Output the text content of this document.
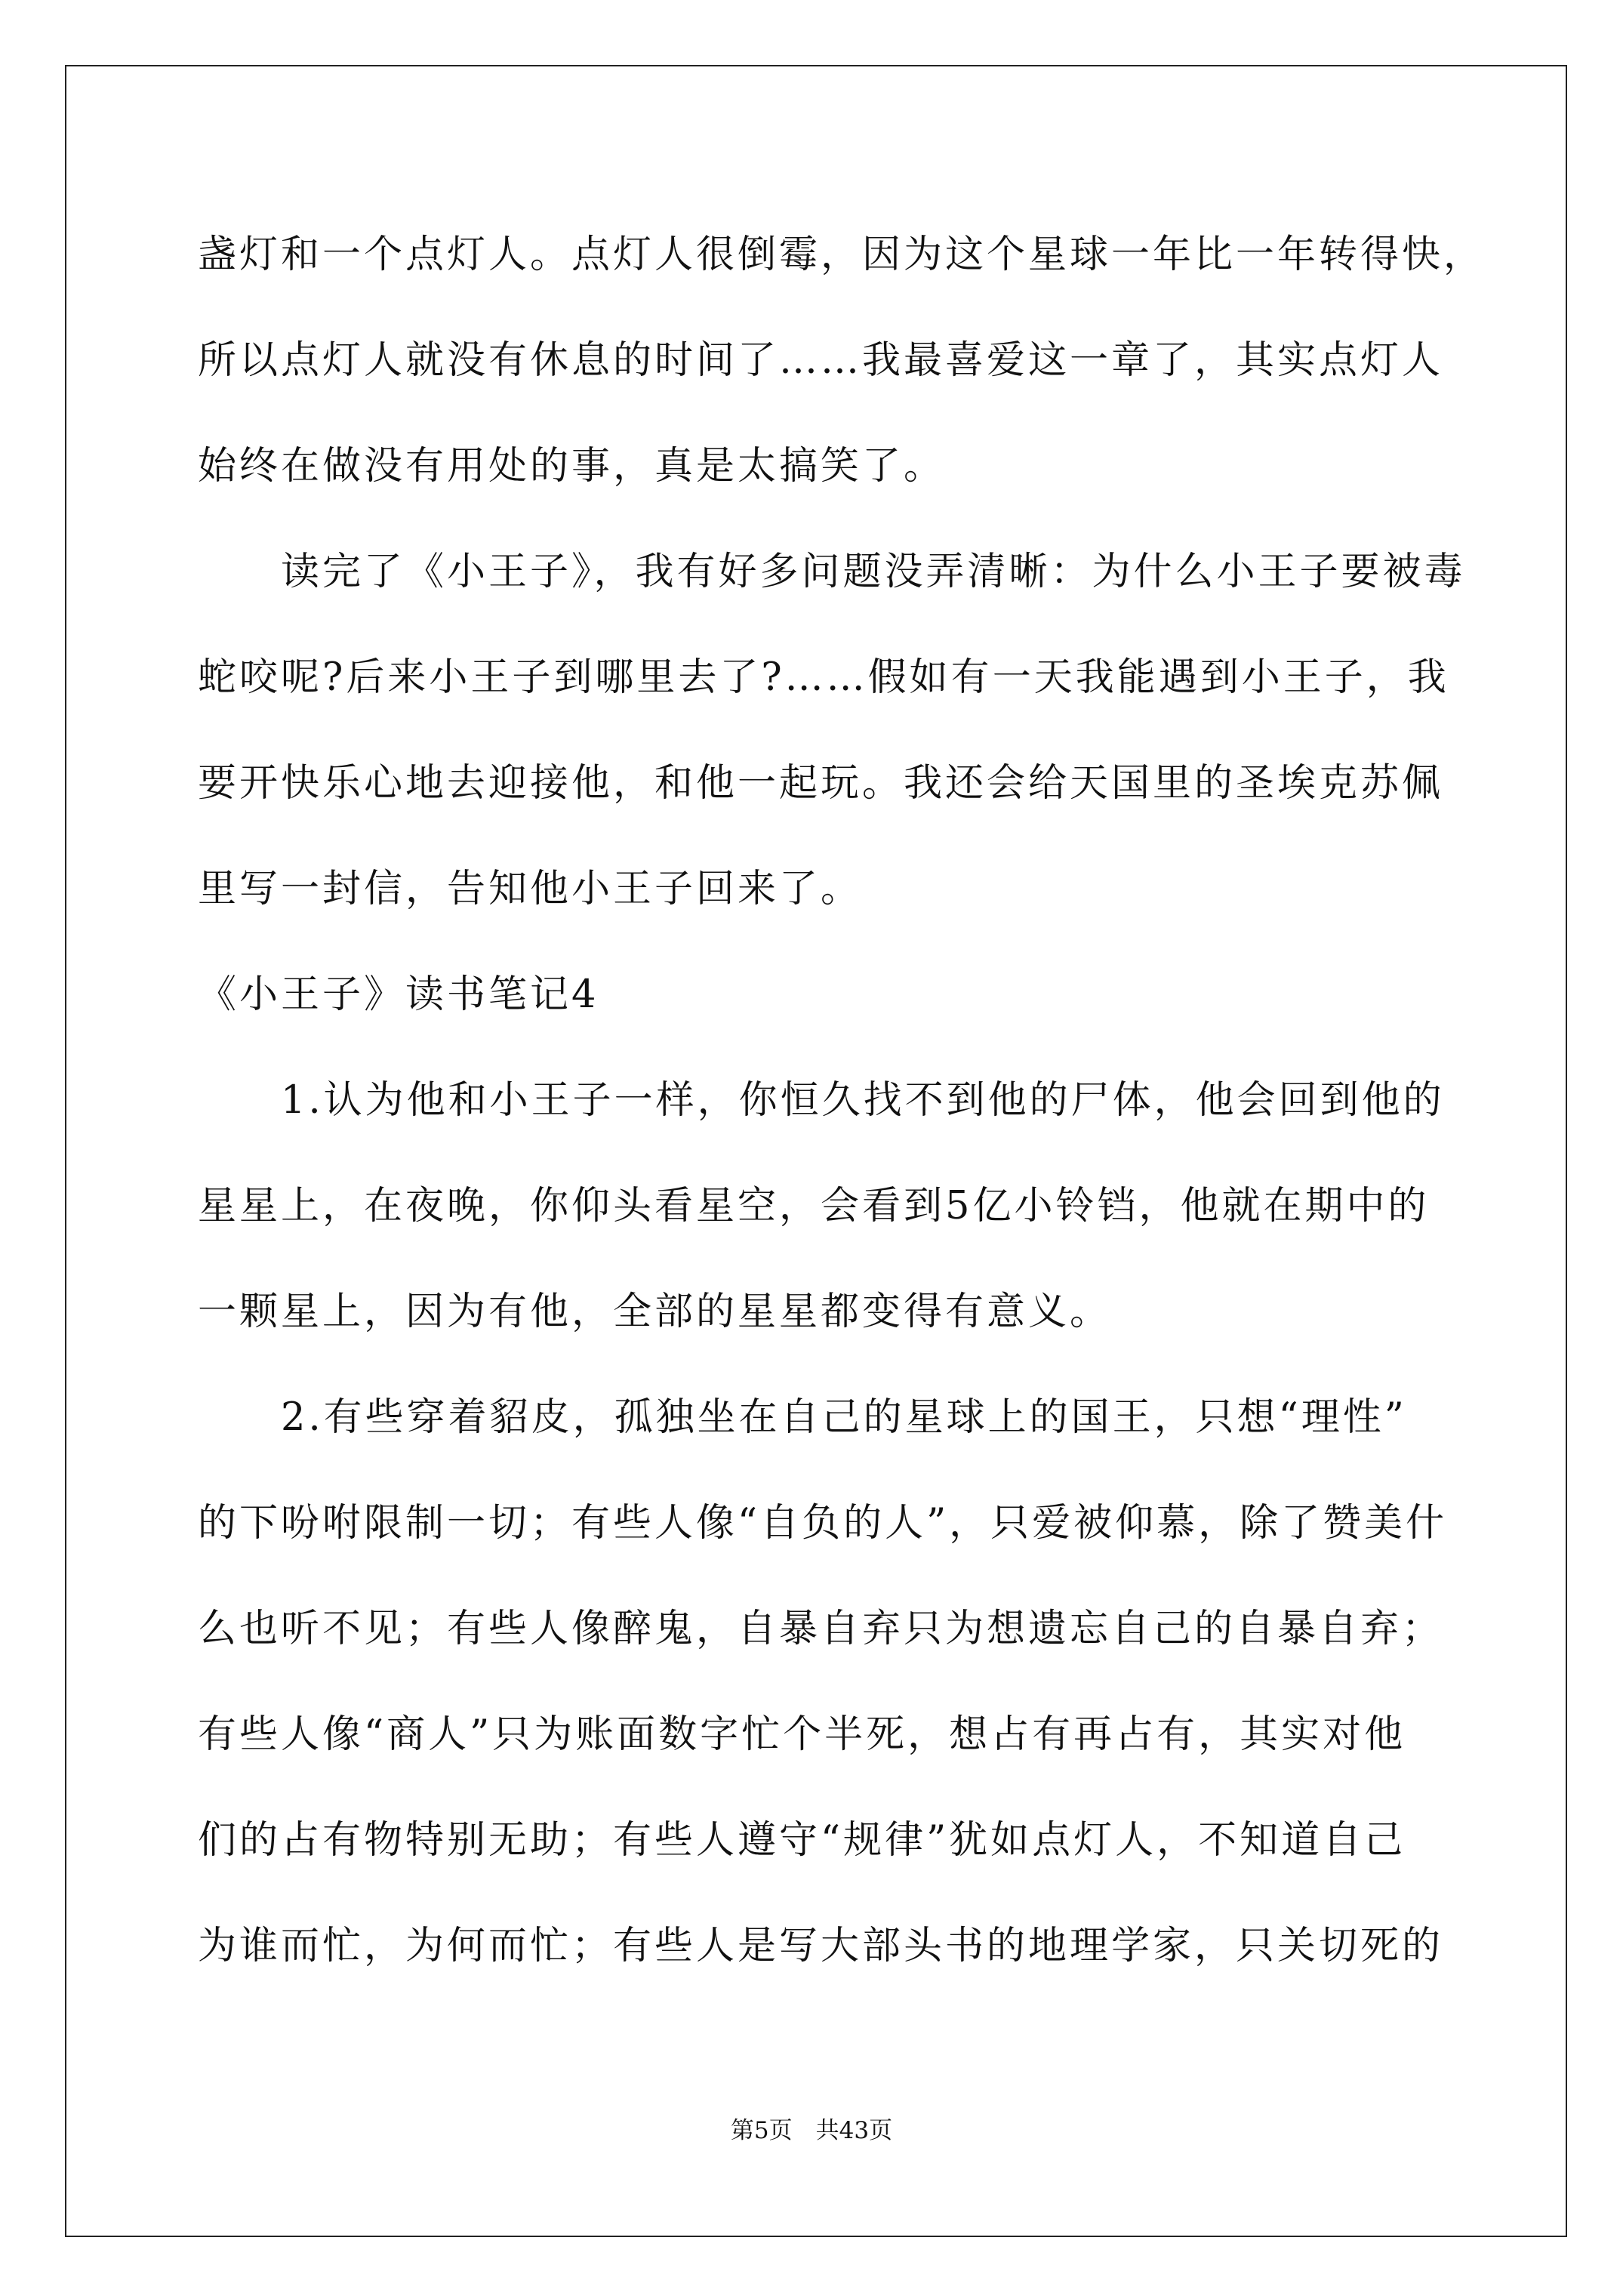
盏灯和一个点灯人。点灯人很倒霉，因为这个星球一年比一年转得快，
所以点灯人就没有休息的时间了……我最喜爱这一章了，其实点灯人
始终在做没有用处的事，真是太搞笑了。
　　读完了《小王子》，我有好多问题没弄清晰：为什么小王子要被毒
蛇咬呢?后来小王子到哪里去了?……假如有一天我能遇到小王子，我
要开快乐心地去迎接他，和他一起玩。我还会给天国里的圣埃克苏佩
里写一封信，告知他小王子回来了。
《小王子》读书笔记4
　　1.认为他和小王子一样，你恒久找不到他的尸体，他会回到他的
星星上，在夜晚，你仰头看星空，会看到5亿小铃铛，他就在期中的
一颗星上，因为有他，全部的星星都变得有意义。
　　2.有些穿着貂皮，孤独坐在自己的星球上的国王，只想“理性”
的下吩咐限制一切；有些人像“自负的人”，只爱被仰慕，除了赞美什
么也听不见；有些人像醉鬼，自暴自弃只为想遗忘自己的自暴自弃；
有些人像“商人”只为账面数字忙个半死，想占有再占有，其实对他
们的占有物特别无助；有些人遵守“规律”犹如点灯人，不知道自己
为谁而忙，为何而忙；有些人是写大部头书的地理学家，只关切死的
第5页　共43页
